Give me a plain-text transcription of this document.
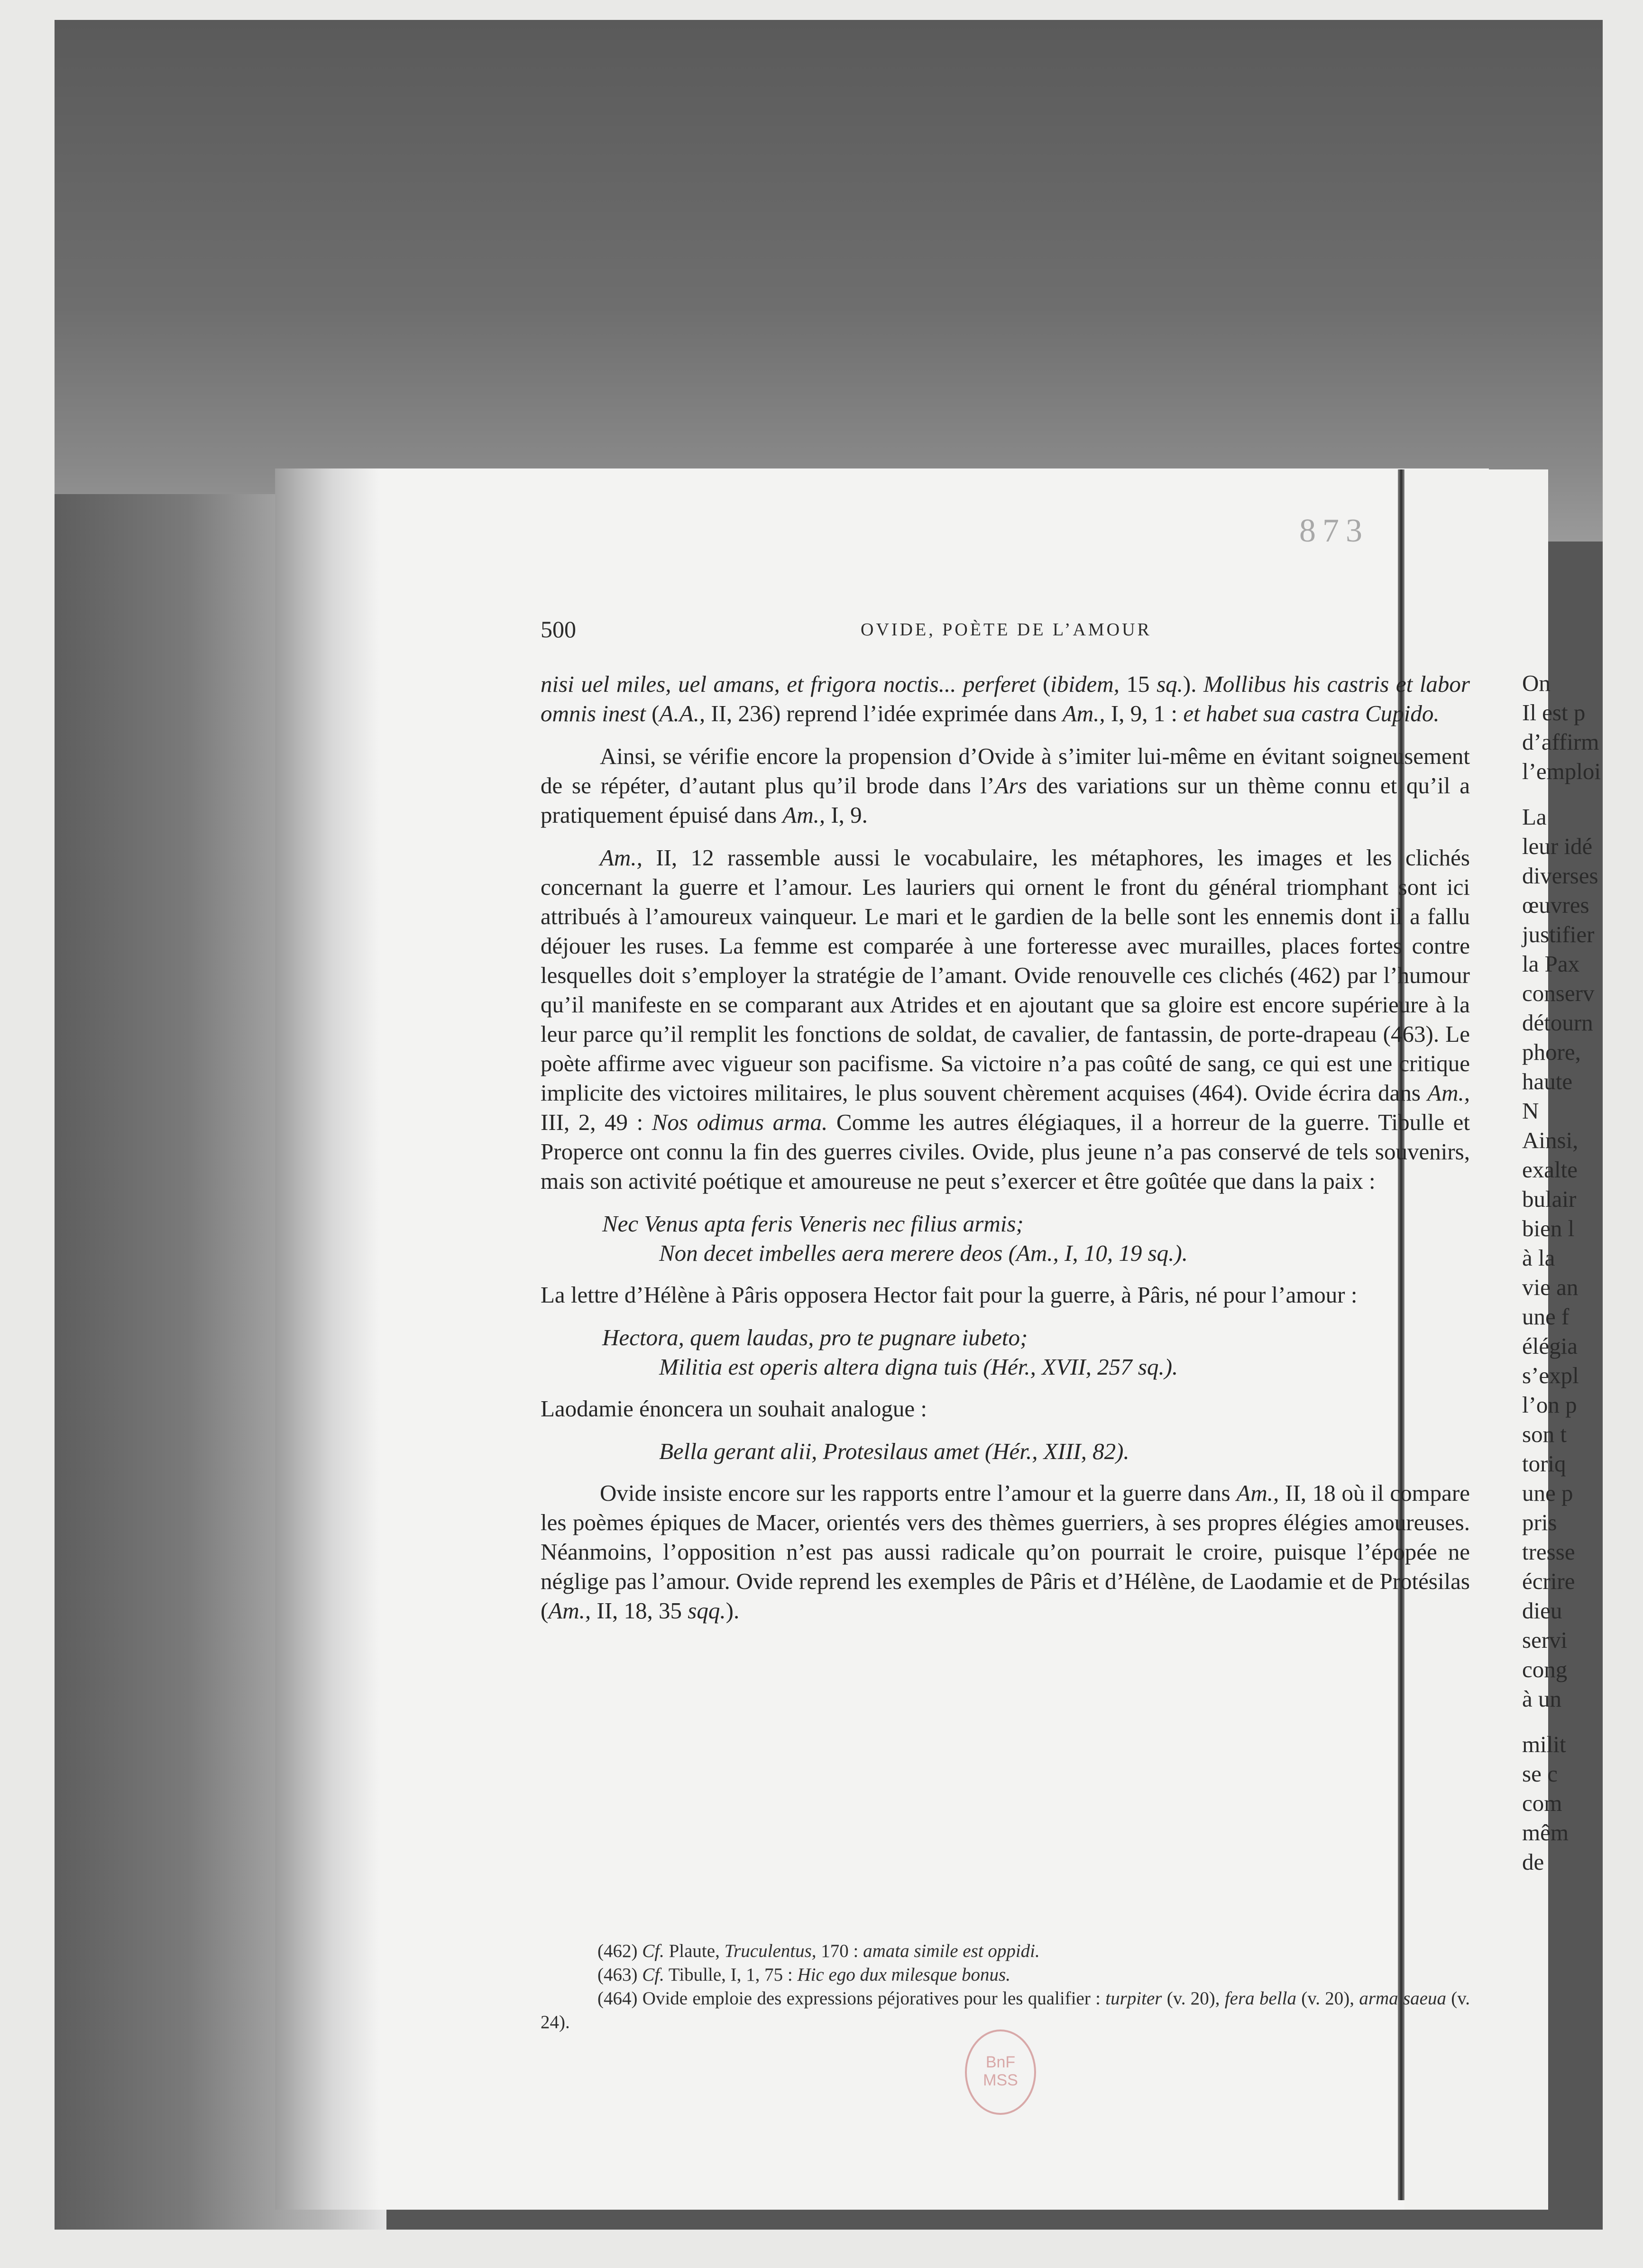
873
500	OVIDE, POÈTE DE L’AMOUR

nisi uel miles, uel amans, et frigora noctis... perferet (ibidem, 15 sq.). Mollibus his castris et labor omnis inest (A.A., II, 236) reprend l’idée exprimée dans Am., I, 9, 1 : et habet sua castra Cupido.

Ainsi, se vérifie encore la propension d’Ovide à s’imiter lui-même en évitant soigneusement de se répéter, d’autant plus qu’il brode dans l’Ars des variations sur un thème connu et qu’il a pratiquement épuisé dans Am., I, 9.

Am., II, 12 rassemble aussi le vocabulaire, les métaphores, les images et les clichés concernant la guerre et l’amour. Les lauriers qui ornent le front du général triomphant sont ici attribués à l’amoureux vainqueur. Le mari et le gardien de la belle sont les ennemis dont il a fallu déjouer les ruses. La femme est comparée à une forteresse avec murailles, places fortes contre lesquelles doit s’employer la stratégie de l’amant. Ovide renouvelle ces clichés (462) par l’humour qu’il manifeste en se comparant aux Atrides et en ajoutant que sa gloire est encore supérieure à la leur parce qu’il remplit les fonctions de soldat, de cavalier, de fantassin, de porte-drapeau (463). Le poète affirme avec vigueur son pacifisme. Sa victoire n’a pas coûté de sang, ce qui est une critique implicite des victoires militaires, le plus souvent chèrement acquises (464). Ovide écrira dans Am., III, 2, 49 : Nos odimus arma. Comme les autres élégiaques, il a horreur de la guerre. Tibulle et Properce ont connu la fin des guerres civiles. Ovide, plus jeune n’a pas conservé de tels souvenirs, mais son activité poétique et amoureuse ne peut s’exercer et être goûtée que dans la paix :

Nec Venus apta feris Veneris nec filius armis;
Non decet imbelles aera merere deos (Am., I, 10, 19 sq.).

La lettre d’Hélène à Pâris opposera Hector fait pour la guerre, à Pâris, né pour l’amour :

Hectora, quem laudas, pro te pugnare iubeto;
Militia est operis altera digna tuis (Hér., XVII, 257 sq.).

Laodamie énoncera un souhait analogue :

Bella gerant alii, Protesilaus amet (Hér., XIII, 82).

Ovide insiste encore sur les rapports entre l’amour et la guerre dans Am., II, 18 où il compare les poèmes épiques de Macer, orientés vers des thèmes guerriers, à ses propres élégies amoureuses. Néanmoins, l’opposition n’est pas aussi radicale qu’on pourrait le croire, puisque l’épopée ne néglige pas l’amour. Ovide reprend les exemples de Pâris et d’Hélène, de Laodamie et de Protésilas (Am., II, 18, 35 sqq.).

(462) Cf. Plaute, Truculentus, 170 : amata simile est oppidi.

(463) Cf. Tibulle, I, 1, 75 : Hic ego dux milesque bonus.

(464) Ovide emploie des expressions péjoratives pour les qualifier : turpiter (v. 20), fera bella (v. 20), arma saeua (v. 24).

On
Il est p
d’affirm
l’emploi
La
leur idé
diverses
œuvres
justifier
la Pax
conserv
détourn
phore,
haute
N
Ainsi,
exalte
bulair
bien l
à la
vie an
une f
élégia
s’expl
l’on p
son t
toriq
une p
pris
tresse
écrire
dieu
servi
cong
à un
milit
se c
com
mêm
de
BnF
MSS
